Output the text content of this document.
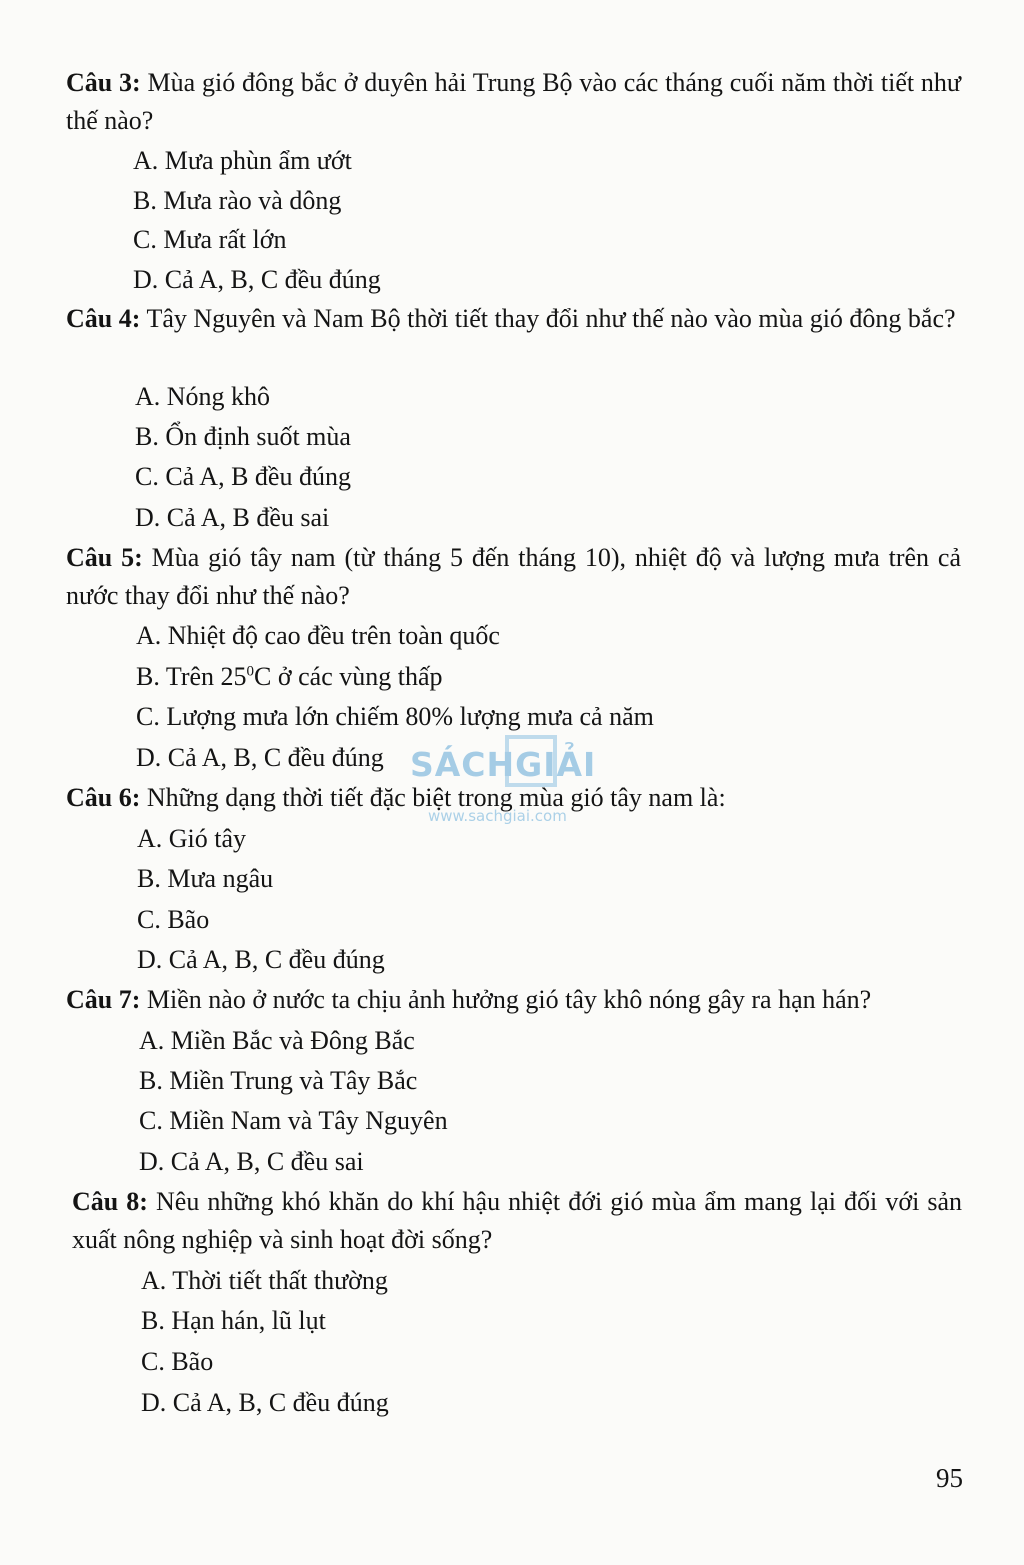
Câu 3: Mùa gió đông bắc ở duyên hải Trung Bộ vào các tháng cuối năm thời tiết như thế nào?
A. Mưa phùn ẩm ướt
B. Mưa rào và dông
C. Mưa rất lớn
D. Cả A, B, C đều đúng
Câu 4: Tây Nguyên và Nam Bộ thời tiết thay đổi như thế nào vào mùa gió đông bắc?
A. Nóng khô
B. Ổn định suốt mùa
C. Cả A, B đều đúng
D. Cả A, B đều sai
Câu 5: Mùa gió tây nam (từ tháng 5 đến tháng 10), nhiệt độ và lượng mưa trên cả nước thay đổi như thế nào?
A. Nhiệt độ cao đều trên toàn quốc
B. Trên $25^0C$ ở các vùng thấp
C. Lượng mưa lớn chiếm 80% lượng mưa cả năm
D. Cả A, B, C đều đúng
Câu 6: Những dạng thời tiết đặc biệt trong mùa gió tây nam là:
A. Gió tây
B. Mưa ngâu
C. Bão
D. Cả A, B, C đều đúng
Câu 7: Miền nào ở nước ta chịu ảnh hưởng gió tây khô nóng gây ra hạn hán?
A. Miền Bắc và Đông Bắc
B. Miền Trung và Tây Bắc
C. Miền Nam và Tây Nguyên
D. Cả A, B, C đều sai
Câu 8: Nêu những khó khăn do khí hậu nhiệt đới gió mùa ẩm mang lại đối với sản xuất nông nghiệp và sinh hoạt đời sống?
A. Thời tiết thất thường
B. Hạn hán, lũ lụt
C. Bão
D. Cả A, B, C đều đúng
SÁCHGIẢI
www.sachgiai.com
95
